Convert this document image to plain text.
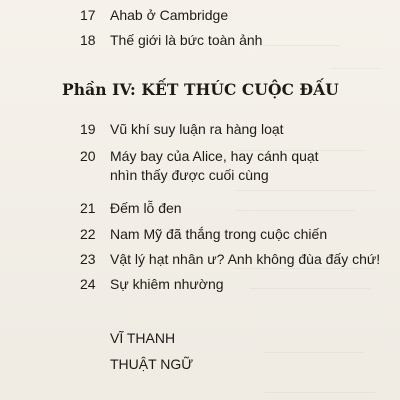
17	Ahab ở Cambridge
18	Thế giới là bức toàn ảnh
Phần IV: KẾT THÚC CUỘC ĐẤU
19	Vũ khí suy luận ra hàng loạt
20	Máy bay của Alice, hay cánh quạt
nhìn thấy được cuối cùng
21	Đếm lỗ đen
22	Nam Mỹ đã thắng trong cuộc chiến
23	Vật lý hạt nhân ư? Anh không đùa đấy chứ!
24	Sự khiêm nhường
VĨ THANH
THUẬT NGỮ
